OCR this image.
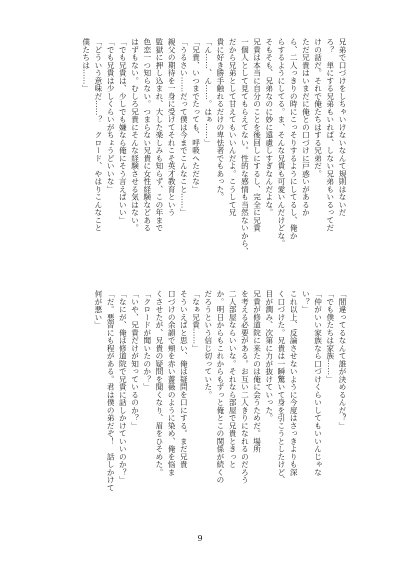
兄弟で口づけをしちゃいけないなんて規則はないだ
ろ？　単にする兄弟もいれば、しない兄弟もいるってだ
けの話だ。それで俺たちはする兄弟だ。
ただ兄貴はいまだに俺との口づけに戸惑いがあるか
ら、二人っきりの時にこっそりするようにしてるし、俺か
らするようにしてる。ま、そんな兄貴も可愛いんだけどな。
そもそも、兄弟なのに妙に遠慮しすぎなんだよな。
兄貴は本当に自分のことを後回しにするし、完全に兄貴
一個人として見てもらえてない。性的な感情も当然ないから、
だから兄弟として甘えてもいいんだよ。こうして兄
貴に好き勝手触れるだけの卑怯者でもあった。
「ん……、ん……。はぁ……」
「兄貴、いつまでたっても、呼吸へただな」
「うるさい……だって僕は今までこんなこと……」
親父の期待を一身に受けてそれこそ英才教育という
監獄に押し込まれ、大した楽しみも知らず、この年まで
色恋一つ知らない。つまらない兄貴に女性経験などある
はずもない。むしろ兄貴にそんな経験させる気はない。
「でも兄貴は、少しでも嫌なら俺にそう言えばいい」
「でも兄貴は少しくらいがちょうどいいな」
「どういう意味だ……？　クロード、やはりこんなこと
僕たちは……」
「間違ってるなんて誰が決めるんだ？」
「でも僕たちは家族……」
「仲がいい家族なら口づけくらいしてもいいんじゃな
い？」
これ以上、反論させないように今度はさっきよりも深
く口づけた。兄貴は一瞬驚いて身を引こうとしたけど、
目が潤み、次第に力が抜けていった。
兄貴が修道院に来たのは俺に会うためだ。場所
を考える必要がある。お互い二人きりになれるのだろう
二人部屋ならいいな。それなら部屋で兄貴ときっと
か。明日からもこれからもずっと俺とこの関係が続くの
だろうという信じ切っていた。
「なぁ兄貴……」
そういえばと思い、俺は疑問を口にする。まだ兄貴
口づけの余韻で頬を赤い薔薇のように染め、俺を悩ま
くさせたが、兄貴の疑問を聞くなり、眉をひそめた。
「クロードが聞いたのか？」
「いや、兄貴だけが知っているのか？」
「なにが、俺は修道院で兄貴に話しかけていいのか？」
「だ。悪習にも程がある。君は僕の弟だぞ！　話しかけて
何が悪い」
9
